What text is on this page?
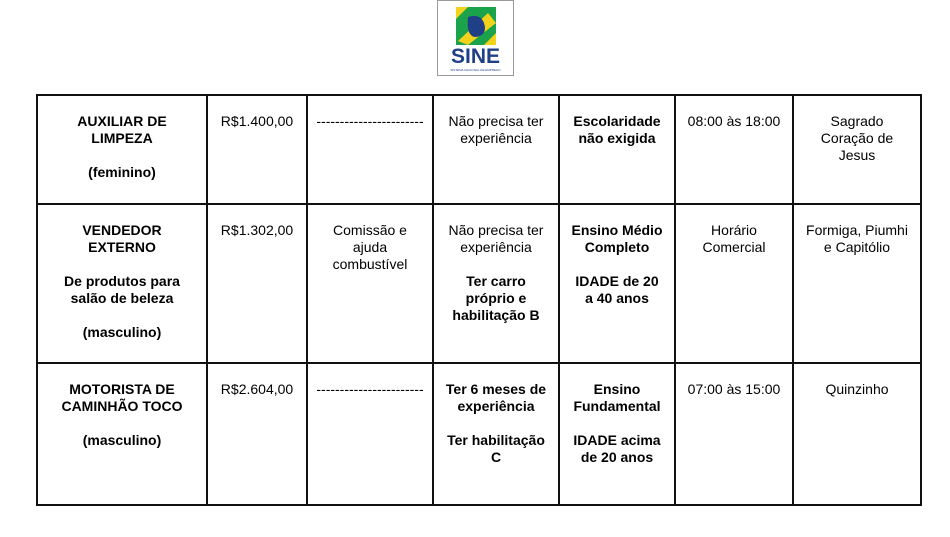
SINE
SISTEMA NACIONAL DE EMPREGO
AUXILIAR DE
LIMPEZA
(feminino)	R$1.400,00	-----------------------	Não precisa ter
experiência	Escolaridade
não exigida	08:00 às 18:00	Sagrado
Coração de
Jesus

VENDEDOR
EXTERNO
De produtos para
salão de beleza
(masculino)	R$1.302,00	Comissão e
ajuda
combustível	Não precisa ter
experiência
Ter carro
próprio e
habilitação B	Ensino Médio
Completo
IDADE de 20
a 40 anos	Horário
Comercial	Formiga, Piumhi
e Capitólio

MOTORISTA DE
CAMINHÃO TOCO
(masculino)	R$2.604,00	-----------------------	Ter 6 meses de
experiência
Ter habilitação
C	Ensino
Fundamental
IDADE acima
de 20 anos	07:00 às 15:00	Quinzinho
